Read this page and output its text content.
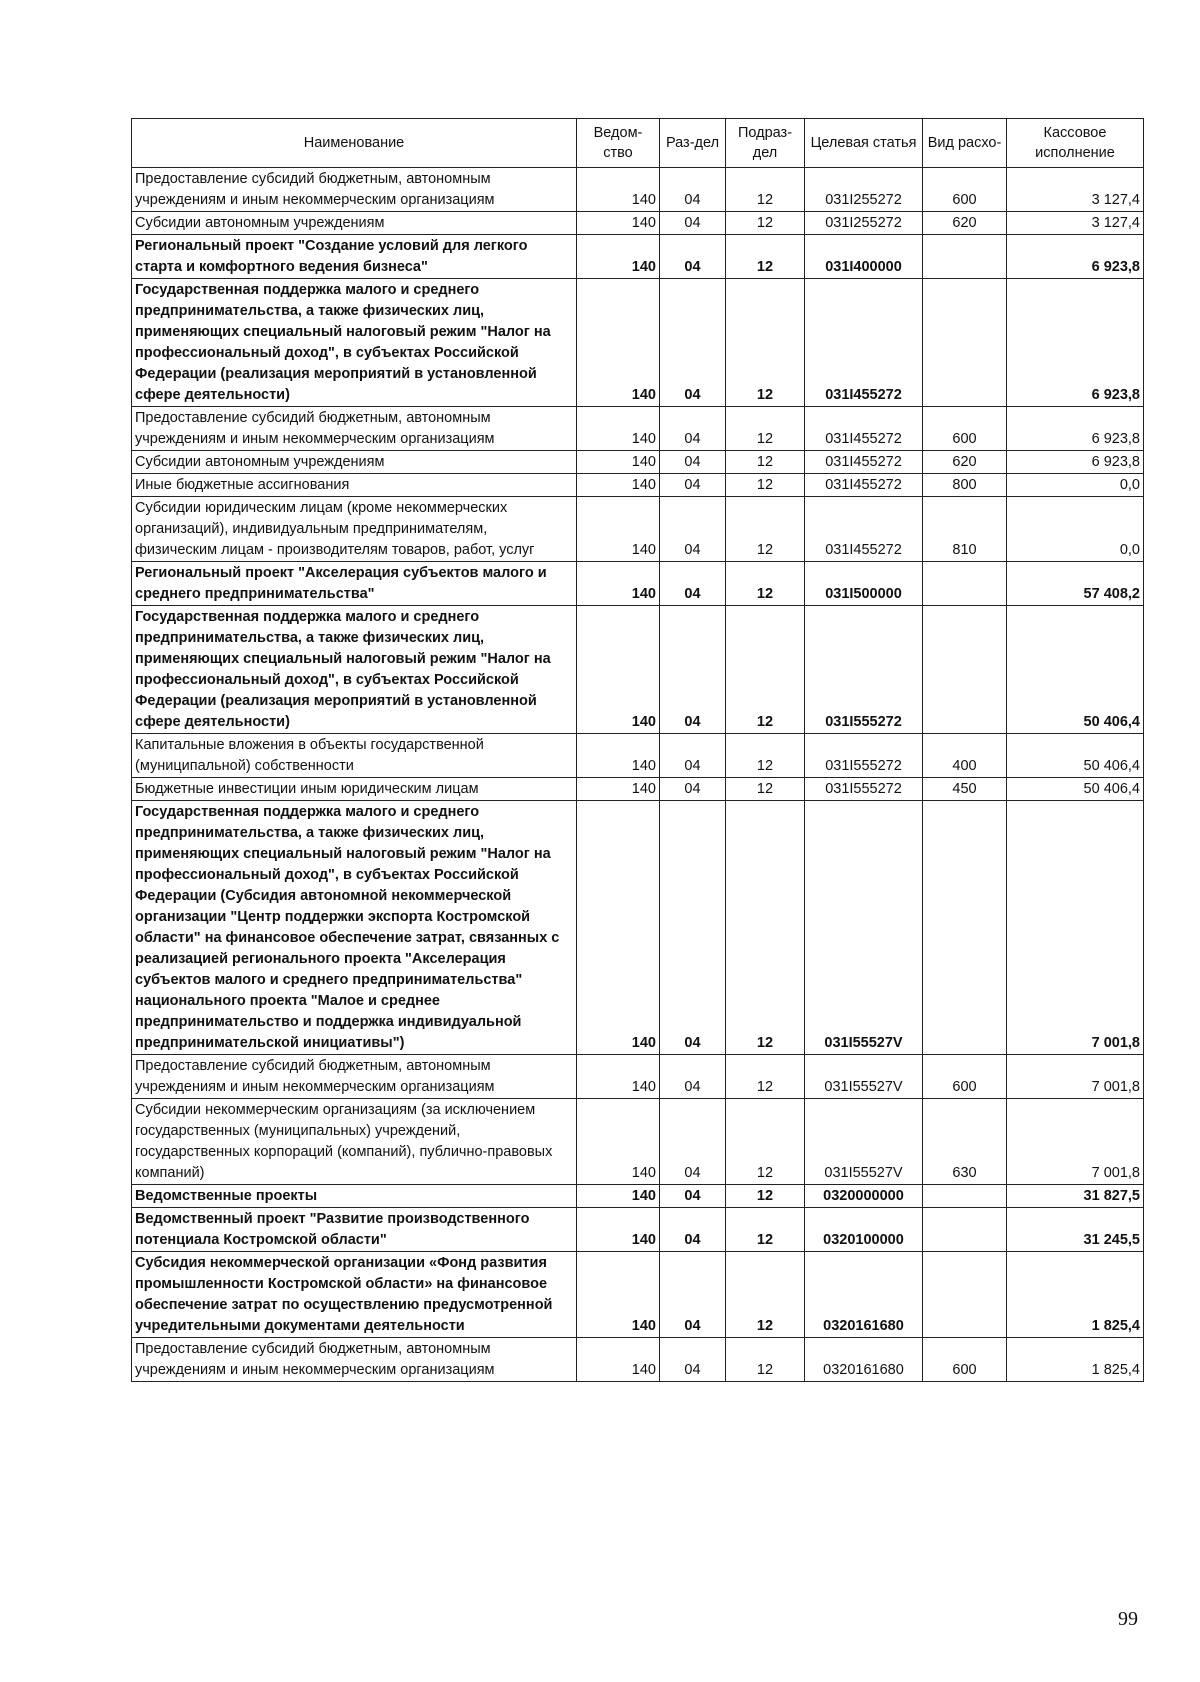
Наименование	Ведом-ство	Раз-дел	Подраз-дел	Целевая статья	Вид расхо-	Кассовое исполнение
Предоставление субсидий бюджетным, автономным учреждениям и иным некоммерческим организациям	140	04	12	031I255272	600	3 127,4
Субсидии автономным учреждениям	140	04	12	031I255272	620	3 127,4
Региональный проект "Создание условий для легкого старта и комфортного ведения бизнеса"	140	04	12	031I400000		6 923,8
Государственная поддержка малого и среднего предпринимательства, а также физических лиц, применяющих специальный налоговый режим "Налог на профессиональный доход", в субъектах Российской Федерации (реализация мероприятий в установленной сфере деятельности)	140	04	12	031I455272		6 923,8
Предоставление субсидий бюджетным, автономным учреждениям и иным некоммерческим организациям	140	04	12	031I455272	600	6 923,8
Субсидии автономным учреждениям	140	04	12	031I455272	620	6 923,8
Иные бюджетные ассигнования	140	04	12	031I455272	800	0,0
Субсидии юридическим лицам (кроме некоммерческих организаций), индивидуальным предпринимателям, физическим лицам - производителям товаров, работ, услуг	140	04	12	031I455272	810	0,0
Региональный проект "Акселерация субъектов малого и среднего предпринимательства"	140	04	12	031I500000		57 408,2
Государственная поддержка малого и среднего предпринимательства, а также физических лиц, применяющих специальный налоговый режим "Налог на профессиональный доход", в субъектах Российской Федерации (реализация мероприятий в установленной сфере деятельности)	140	04	12	031I555272		50 406,4
Капитальные вложения в объекты государственной (муниципальной) собственности	140	04	12	031I555272	400	50 406,4
Бюджетные инвестиции иным юридическим лицам	140	04	12	031I555272	450	50 406,4
Государственная поддержка малого и среднего предпринимательства, а также физических лиц, применяющих специальный налоговый режим "Налог на профессиональный доход", в субъектах Российской Федерации (Субсидия автономной некоммерческой организации "Центр поддержки экспорта Костромской области" на финансовое обеспечение затрат, связанных с реализацией регионального проекта "Акселерация субъектов малого и среднего предпринимательства" национального проекта "Малое и среднее предпринимательство и поддержка индивидуальной предпринимательской инициативы")	140	04	12	031I55527V		7 001,8
Предоставление субсидий бюджетным, автономным учреждениям и иным некоммерческим организациям	140	04	12	031I55527V	600	7 001,8
Субсидии некоммерческим организациям (за исключением государственных (муниципальных) учреждений, государственных корпораций (компаний), публично-правовых компаний)	140	04	12	031I55527V	630	7 001,8
Ведомственные проекты	140	04	12	0320000000		31 827,5
Ведомственный проект "Развитие производственного потенциала Костромской области"	140	04	12	0320100000		31 245,5
Субсидия некоммерческой организации «Фонд развития промышленности Костромской области» на финансовое обеспечение затрат по осуществлению предусмотренной учредительными документами деятельности	140	04	12	0320161680		1 825,4
Предоставление субсидий бюджетным, автономным учреждениям и иным некоммерческим организациям	140	04	12	0320161680	600	1 825,4
99
